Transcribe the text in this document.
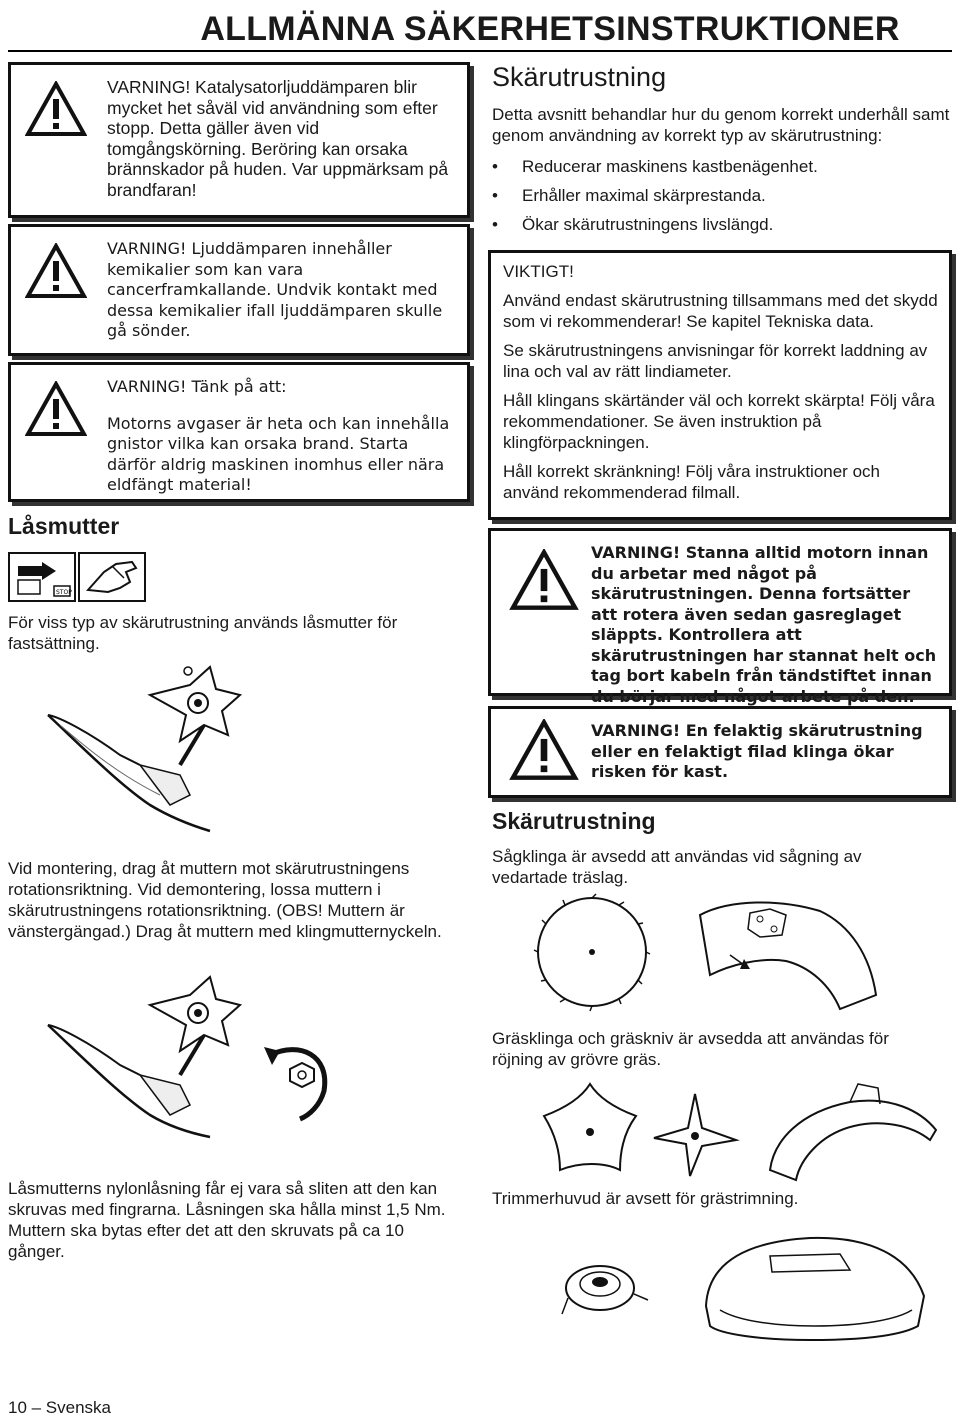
ALLMÄNNA SÄKERHETSINSTRUKTIONER
VARNING! Katalysatorljuddämparen blir mycket het såväl vid användning som efter stopp. Detta gäller även vid tomgångskörning. Beröring kan orsaka brännskador på huden. Var uppmärksam på brandfaran!
VARNING! Ljuddämparen innehåller kemikalier som kan vara cancerframkallande. Undvik kontakt med dessa kemikalier ifall ljuddämparen skulle gå sönder.
VARNING! Tänk på att:
Motorns avgaser är heta och kan innehålla gnistor vilka kan orsaka brand. Starta därför aldrig maskinen inomhus eller nära eldfängt material!
Låsmutter
STOP
För viss typ av skärutrustning används låsmutter för fastsättning.
Vid montering, drag åt muttern mot skärutrustningens rotationsriktning. Vid demontering, lossa muttern i skärutrustningens rotationsriktning. (OBS! Muttern är vänstergängad.) Drag åt muttern med klingmutternyckeln.
Låsmutterns nylonlåsning får ej vara så sliten att den kan skruvas med fingrarna. Låsningen ska hålla minst 1,5 Nm. Muttern ska bytas efter det att den skruvats på ca 10 gånger.
Skärutrustning
Detta avsnitt behandlar hur du genom korrekt underhåll samt genom användning av korrekt typ av skärutrustning:
• Reducerar maskinens kastbenägenhet.
• Erhåller maximal skärprestanda.
• Ökar skärutrustningens livslängd.

VIKTIGT!

Använd endast skärutrustning tillsammans med det skydd som vi rekommenderar! Se kapitel Tekniska data.

Se skärutrustningens anvisningar för korrekt laddning av lina och val av rätt lindiameter.

Håll klingans skärtänder väl och korrekt skärpta! Följ våra rekommendationer. Se även instruktion på klingförpackningen.

Håll korrekt skränkning! Följ våra instruktioner och använd rekommenderad filmall.

VARNING! Stanna alltid motorn innan du arbetar med något på skärutrustningen. Denna fortsätter att rotera även sedan gasreglaget släppts. Kontrollera att skärutrustningen har stannat helt och tag bort kabeln från tändstiftet innan du börjar med något arbete på den.
VARNING! En felaktig skärutrustning eller en felaktigt filad klinga ökar risken för kast.
Skärutrustning
Sågklinga är avsedd att användas vid sågning av vedartade träslag.
Gräsklinga och gräskniv är avsedda att användas för röjning av grövre gräs.
Trimmerhuvud är avsett för grästrimning.
10 – Svenska
